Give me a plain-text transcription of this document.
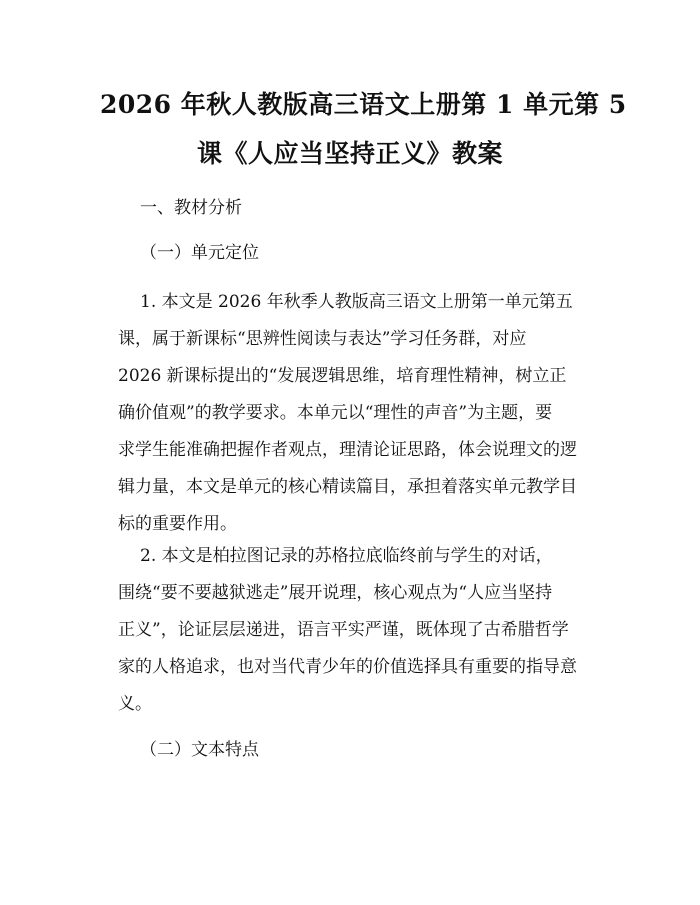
2026 年秋人教版高三语文上册第 1 单元第 5
课《人应当坚持正义》教案
一、教材分析
（一）单元定位
1. 本文是 2026 年秋季人教版高三语文上册第一单元第五
课，属于新课标“思辨性阅读与表达”学习任务群，对应
2026 新课标提出的“发展逻辑思维，培育理性精神，树立正
确价值观”的教学要求。本单元以“理性的声音”为主题，要
求学生能准确把握作者观点，理清论证思路，体会说理文的逻
辑力量，本文是单元的核心精读篇目，承担着落实单元教学目
标的重要作用。
2. 本文是柏拉图记录的苏格拉底临终前与学生的对话，
围绕“要不要越狱逃走”展开说理，核心观点为“人应当坚持
正义”，论证层层递进，语言平实严谨，既体现了古希腊哲学
家的人格追求，也对当代青少年的价值选择具有重要的指导意
义。
（二）文本特点
